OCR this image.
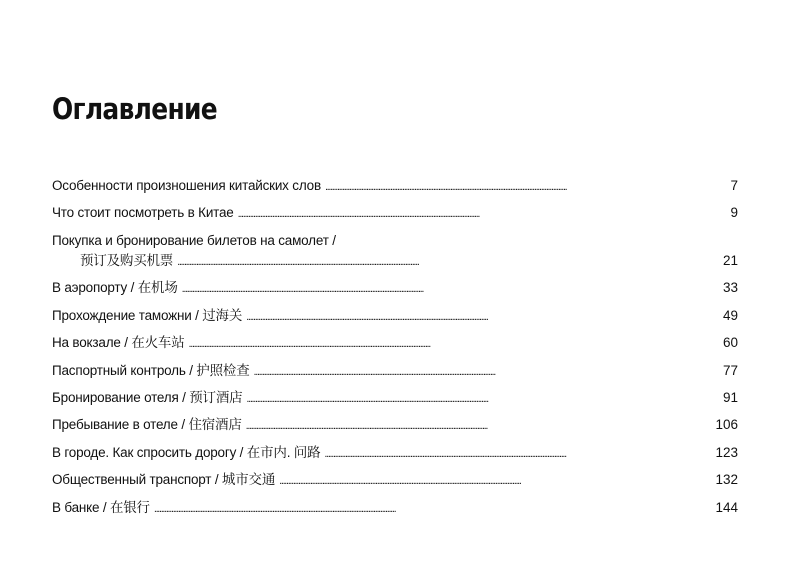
Оглавление
Особенности произношения китайских слов . . .	7
Что стоит посмотреть в Китае . . .	9
Покупка и бронирование билетов на самолет /
预订及购买机票 . . .	21
В аэропорту / 在机场 . . .	33
Прохождение таможни / 过海关 . . .	49
На вокзале / 在火车站 . . .	60
Паспортный контроль / 护照检查 . . .	77
Бронирование отеля / 预订酒店 . . .	91
Пребывание в отеле / 住宿酒店 . . .	106
В городе. Как спросить дорогу / 在市内. 问路 . . .	123
Общественный транспорт / 城市交通 . . .	132
В банке / 在银行 . . .	144
